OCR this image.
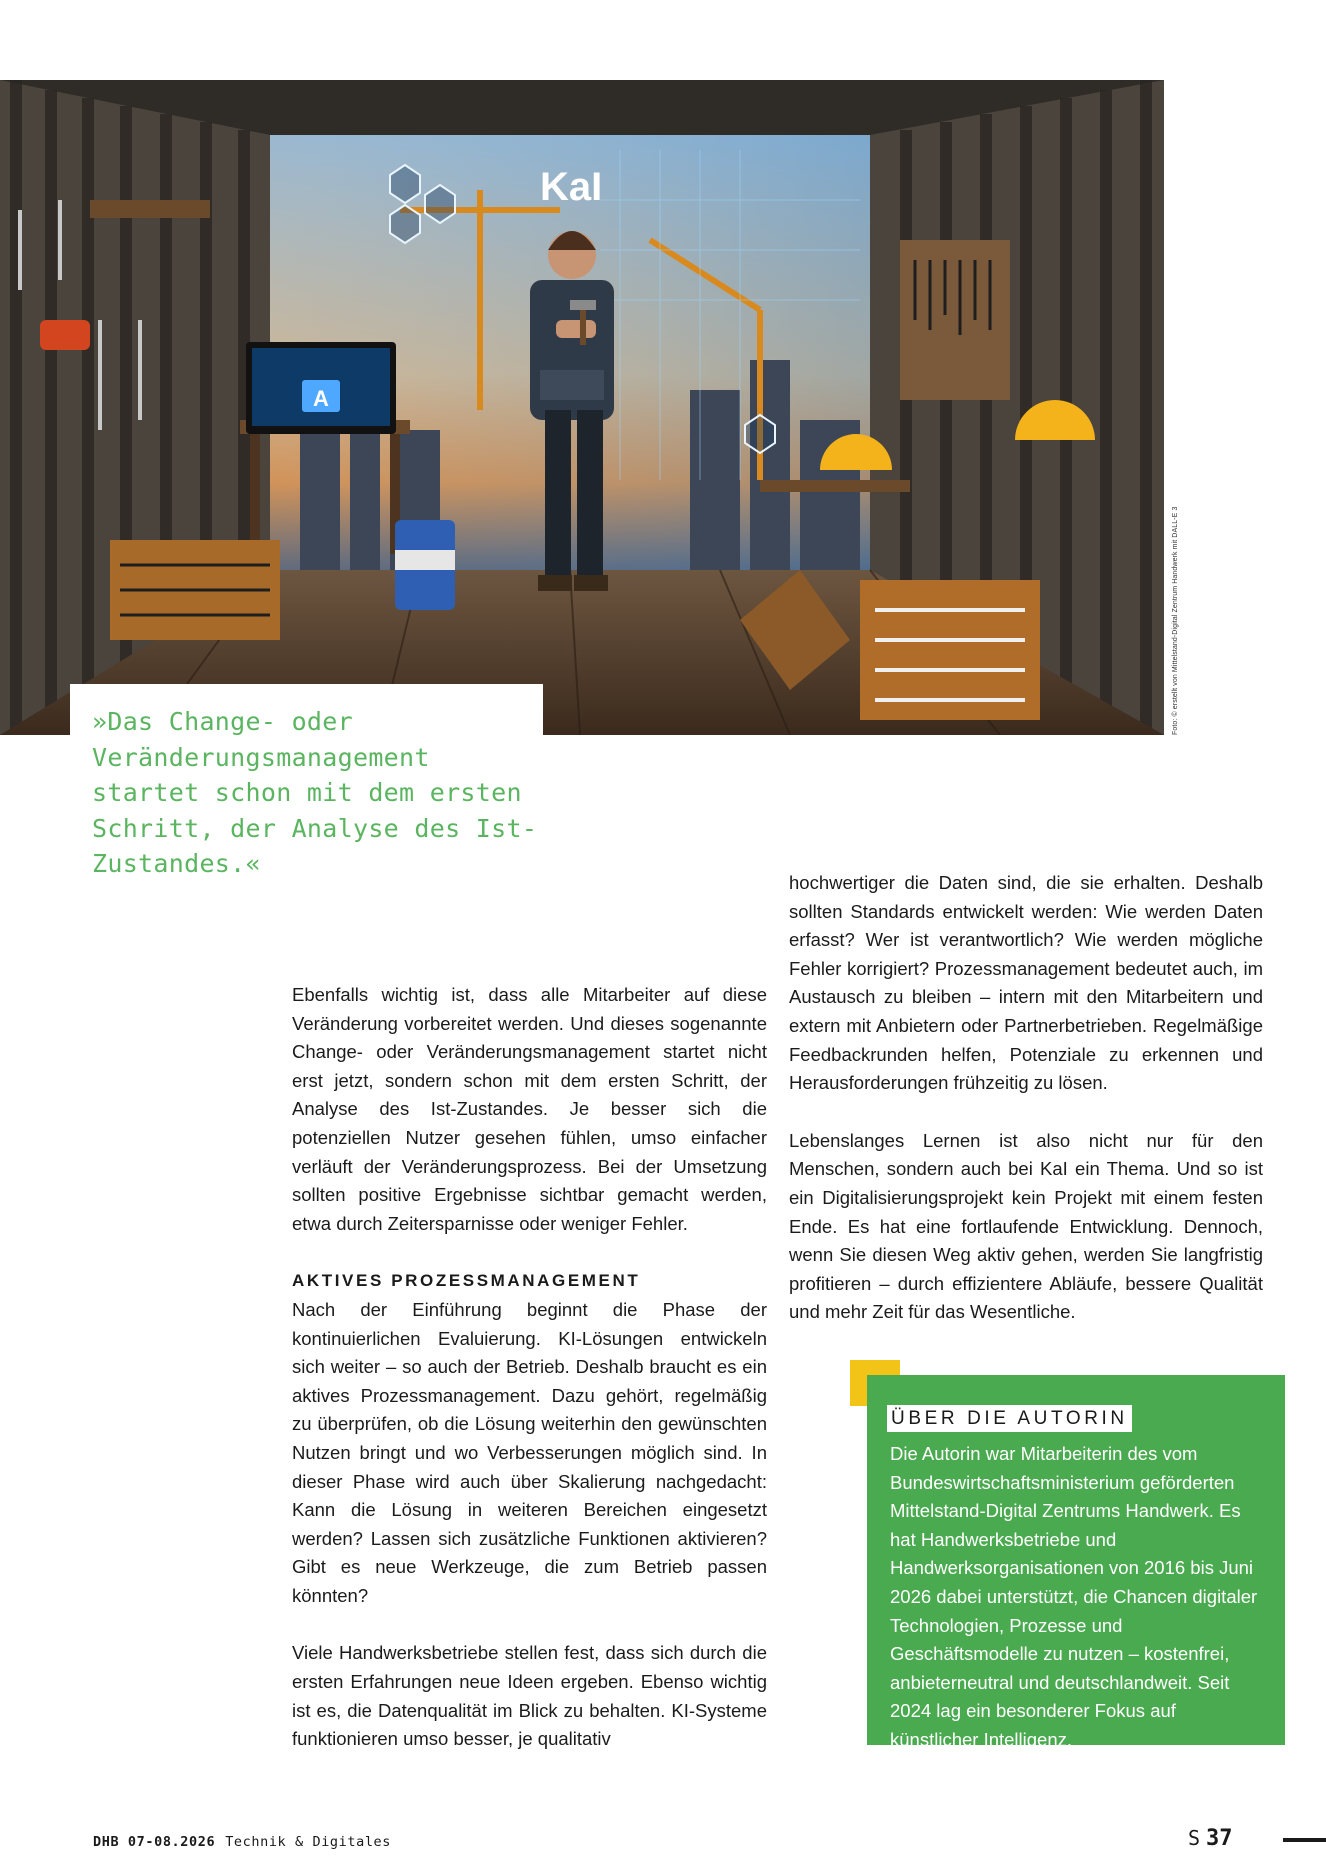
KaI
A
Foto: © erstellt von Mittelstand-Digital Zentrum Handwerk mit DALL-E 3

»Das Change- oder Veränderungsmanagement startet schon mit dem ersten Schritt, der Analyse des Ist-Zustandes.«

Ebenfalls wichtig ist, dass alle Mitarbeiter auf diese Veränderung vorbereitet werden. Und dieses sogenannte Change- oder Veränderungsmanagement startet nicht erst jetzt, sondern schon mit dem ersten Schritt, der Analyse des Ist-Zustandes. Je besser sich die potenziellen Nutzer gesehen fühlen, umso einfacher verläuft der Veränderungsprozess. Bei der Umsetzung sollten positive Ergebnisse sichtbar gemacht werden, etwa durch Zeitersparnisse oder weniger Fehler.

AKTIVES PROZESSMANAGEMENT

Nach der Einführung beginnt die Phase der kontinuierlichen Evaluierung. KI-Lösungen entwickeln sich weiter – so auch der Betrieb. Deshalb braucht es ein aktives Prozessmanagement. Dazu gehört, regelmäßig zu überprüfen, ob die Lösung weiterhin den gewünschten Nutzen bringt und wo Verbesserungen möglich sind. In dieser Phase wird auch über Skalierung nachgedacht: Kann die Lösung in weiteren Bereichen eingesetzt werden? Lassen sich zusätzliche Funktionen aktivieren? Gibt es neue Werkzeuge, die zum Betrieb passen könnten?

Viele Handwerksbetriebe stellen fest, dass sich durch die ersten Erfahrungen neue Ideen ergeben. Ebenso wichtig ist es, die Datenqualität im Blick zu behalten. KI-Systeme funktionieren umso besser, je qualitativ

hochwertiger die Daten sind, die sie erhalten. Deshalb sollten Standards entwickelt werden: Wie werden Daten erfasst? Wer ist verantwortlich? Wie werden mögliche Fehler korrigiert? Prozessmanagement bedeutet auch, im Austausch zu bleiben – intern mit den Mitarbeitern und extern mit Anbietern oder Partnerbetrieben. Regelmäßige Feedbackrunden helfen, Potenziale zu erkennen und Herausforderungen frühzeitig zu lösen.

Lebenslanges Lernen ist also nicht nur für den Menschen, sondern auch bei KaI ein Thema. Und so ist ein Digitalisierungsprojekt kein Projekt mit einem festen Ende. Es hat eine fortlaufende Entwicklung. Dennoch, wenn Sie diesen Weg aktiv gehen, werden Sie langfristig profitieren – durch effizientere Abläufe, bessere Qualität und mehr Zeit für das Wesentliche.

ÜBER DIE AUTORIN

Die Autorin war Mitarbeiterin des vom Bundeswirtschaftsministerium geförderten Mittelstand-Digital Zentrums Handwerk. Es hat Handwerksbetriebe und Handwerksorganisationen von 2016 bis Juni 2026 dabei unterstützt, die Chancen digitaler Technologien, Prozesse und Geschäftsmodelle zu nutzen – kostenfrei, anbieterneutral und deutschlandweit. Seit 2024 lag ein besonderer Fokus auf künstlicher Intelligenz.

DHB 07-08.2026 Technik & Digitales	S 37
